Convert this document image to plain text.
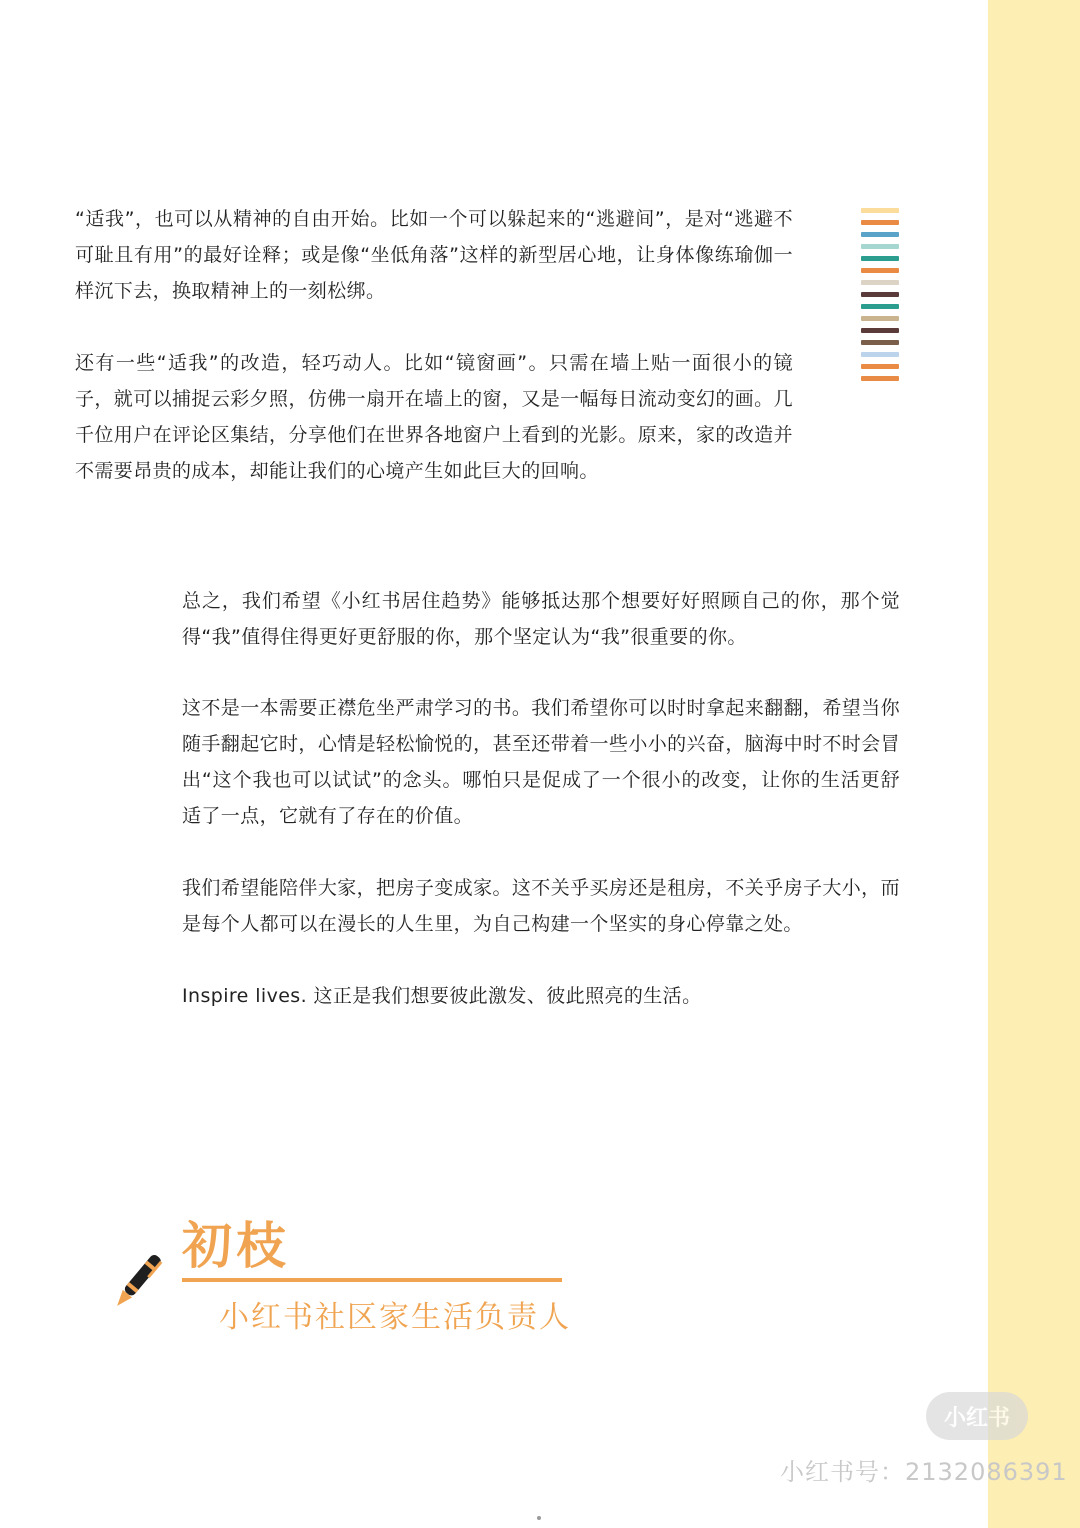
“适我”，也可以从精神的自由开始。比如一个可以躲起来的“逃避间”，是对“逃避不可耻且有用”的最好诠释；或是像“坐低角落”这样的新型居心地，让身体像练瑜伽一样沉下去，换取精神上的一刻松绑。

还有一些“适我”的改造，轻巧动人。比如“镜窗画”。只需在墙上贴一面很小的镜子，就可以捕捉云彩夕照，仿佛一扇开在墙上的窗，又是一幅每日流动变幻的画。几千位用户在评论区集结，分享他们在世界各地窗户上看到的光影。原来，家的改造并不需要昂贵的成本，却能让我们的心境产生如此巨大的回响。

总之，我们希望《小红书居住趋势》能够抵达那个想要好好照顾自己的你，那个觉得“我”值得住得更好更舒服的你，那个坚定认为“我”很重要的你。

这不是一本需要正襟危坐严肃学习的书。我们希望你可以时时拿起来翻翻，希望当你随手翻起它时，心情是轻松愉悦的，甚至还带着一些小小的兴奋，脑海中时不时会冒出“这个我也可以试试”的念头。哪怕只是促成了一个很小的改变，让你的生活更舒适了一点，它就有了存在的价值。

我们希望能陪伴大家，把房子变成家。这不关乎买房还是租房，不关乎房子大小，而是每个人都可以在漫长的人生里，为自己构建一个坚实的身心停靠之处。

Inspire lives. 这正是我们想要彼此激发、彼此照亮的生活。

初枝
小红书社区家生活负责人
小红书
小红书号：2132086391
